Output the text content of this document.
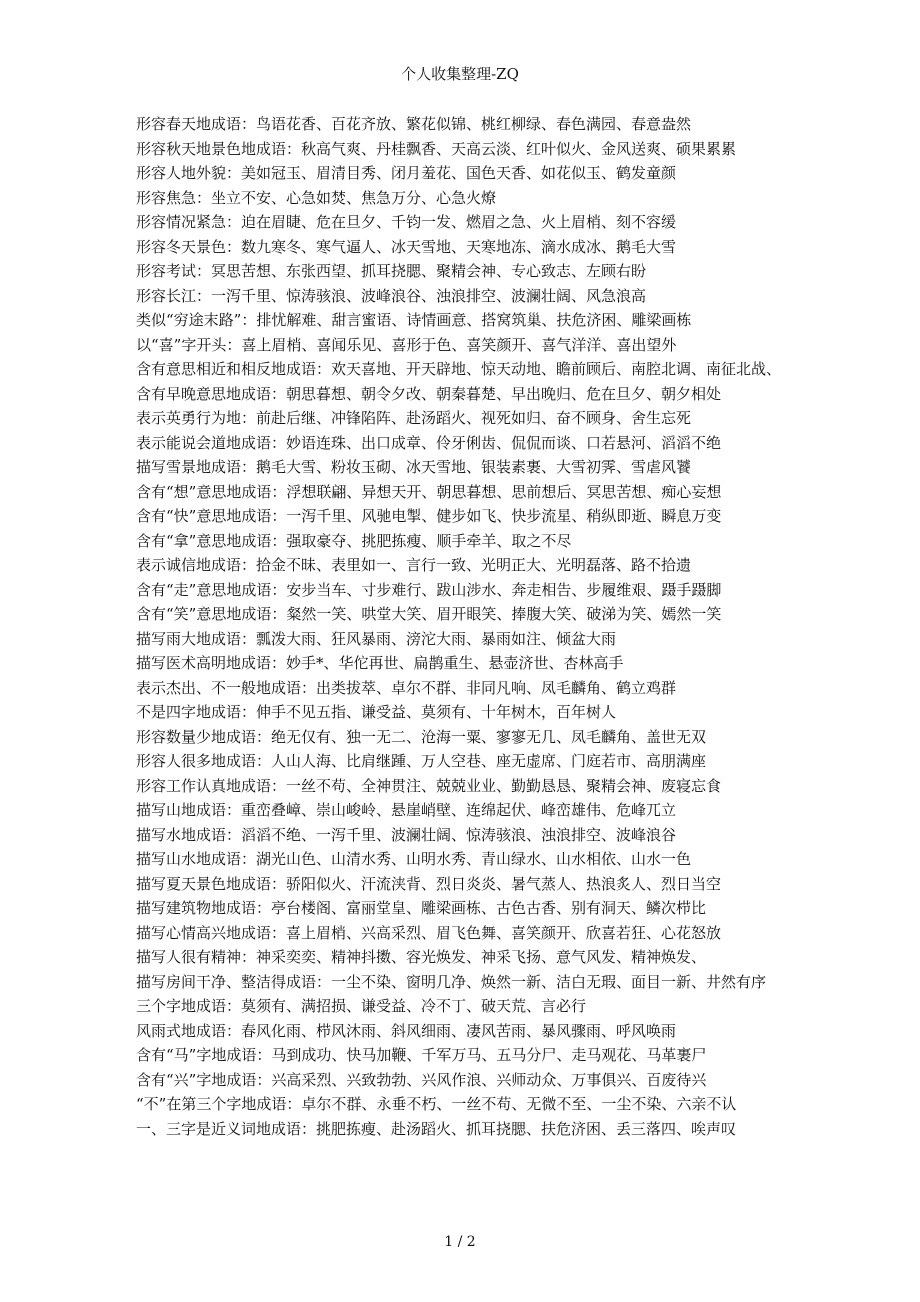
个人收集整理-ZQ
形容春天地成语：鸟语花香、百花齐放、繁花似锦、桃红柳绿、春色满园、春意盎然
形容秋天地景色地成语：秋高气爽、丹桂飘香、天高云淡、红叶似火、金风送爽、硕果累累
形容人地外貌：美如冠玉、眉清目秀、闭月羞花、国色天香、如花似玉、鹤发童颜
形容焦急：坐立不安、心急如焚、焦急万分、心急火燎
形容情况紧急：迫在眉睫、危在旦夕、千钧一发、燃眉之急、火上眉梢、刻不容缓
形容冬天景色：数九寒冬、寒气逼人、冰天雪地、天寒地冻、滴水成冰、鹅毛大雪
形容考试：冥思苦想、东张西望、抓耳挠腮、聚精会神、专心致志、左顾右盼
形容长江：一泻千里、惊涛骇浪、波峰浪谷、浊浪排空、波澜壮阔、风急浪高
类似“穷途末路”：排忧解难、甜言蜜语、诗情画意、搭窝筑巢、扶危济困、雕梁画栋
以“喜”字开头：喜上眉梢、喜闻乐见、喜形于色、喜笑颜开、喜气洋洋、喜出望外
含有意思相近和相反地成语：欢天喜地、开天辟地、惊天动地、瞻前顾后、南腔北调、南征北战、
含有早晚意思地成语：朝思暮想、朝令夕改、朝秦暮楚、早出晚归、危在旦夕、朝夕相处
表示英勇行为地：前赴后继、冲锋陷阵、赴汤蹈火、视死如归、奋不顾身、舍生忘死
表示能说会道地成语：妙语连珠、出口成章、伶牙俐齿、侃侃而谈、口若悬河、滔滔不绝
描写雪景地成语：鹅毛大雪、粉妆玉砌、冰天雪地、银装素裹、大雪初霁、雪虐风饕
含有“想”意思地成语：浮想联翩、异想天开、朝思暮想、思前想后、冥思苦想、痴心妄想
含有“快”意思地成语：一泻千里、风驰电掣、健步如飞、快步流星、稍纵即逝、瞬息万变
含有“拿”意思地成语：强取豪夺、挑肥拣瘦、顺手牵羊、取之不尽
表示诚信地成语：拾金不昧、表里如一、言行一致、光明正大、光明磊落、路不拾遗
含有“走”意思地成语：安步当车、寸步难行、跋山涉水、奔走相告、步履维艰、蹑手蹑脚
含有“笑”意思地成语：粲然一笑、哄堂大笑、眉开眼笑、捧腹大笑、破涕为笑、嫣然一笑
描写雨大地成语：瓢泼大雨、狂风暴雨、滂沱大雨、暴雨如注、倾盆大雨
描写医术高明地成语：妙手*、华佗再世、扁鹊重生、悬壶济世、杏林高手
表示杰出、不一般地成语：出类拔萃、卓尔不群、非同凡响、凤毛麟角、鹤立鸡群
不是四字地成语：伸手不见五指、谦受益、莫须有、十年树木，百年树人
形容数量少地成语：绝无仅有、独一无二、沧海一粟、寥寥无几、凤毛麟角、盖世无双
形容人很多地成语：人山人海、比肩继踵、万人空巷、座无虚席、门庭若市、高朋满座
形容工作认真地成语：一丝不苟、全神贯注、兢兢业业、勤勤恳恳、聚精会神、废寝忘食
描写山地成语：重峦叠嶂、崇山峻岭、悬崖峭壁、连绵起伏、峰峦雄伟、危峰兀立
描写水地成语：滔滔不绝、一泻千里、波澜壮阔、惊涛骇浪、浊浪排空、波峰浪谷
描写山水地成语：湖光山色、山清水秀、山明水秀、青山绿水、山水相依、山水一色
描写夏天景色地成语：骄阳似火、汗流浃背、烈日炎炎、暑气蒸人、热浪炙人、烈日当空
描写建筑物地成语：亭台楼阁、富丽堂皇、雕梁画栋、古色古香、别有洞天、鳞次栉比
描写心情高兴地成语：喜上眉梢、兴高采烈、眉飞色舞、喜笑颜开、欣喜若狂、心花怒放
描写人很有精神：神采奕奕、精神抖擞、容光焕发、神采飞扬、意气风发、精神焕发、
描写房间干净、整洁得成语：一尘不染、窗明几净、焕然一新、洁白无瑕、面目一新、井然有序
三个字地成语：莫须有、满招损、谦受益、冷不丁、破天荒、言必行
风雨式地成语：春风化雨、栉风沐雨、斜风细雨、凄风苦雨、暴风骤雨、呼风唤雨
含有“马”字地成语：马到成功、快马加鞭、千军万马、五马分尸、走马观花、马革裹尸
含有“兴”字地成语：兴高采烈、兴致勃勃、兴风作浪、兴师动众、万事俱兴、百废待兴
“不”在第三个字地成语：卓尔不群、永垂不朽、一丝不苟、无微不至、一尘不染、六亲不认
一、三字是近义词地成语：挑肥拣瘦、赴汤蹈火、抓耳挠腮、扶危济困、丢三落四、唉声叹
1 / 2
